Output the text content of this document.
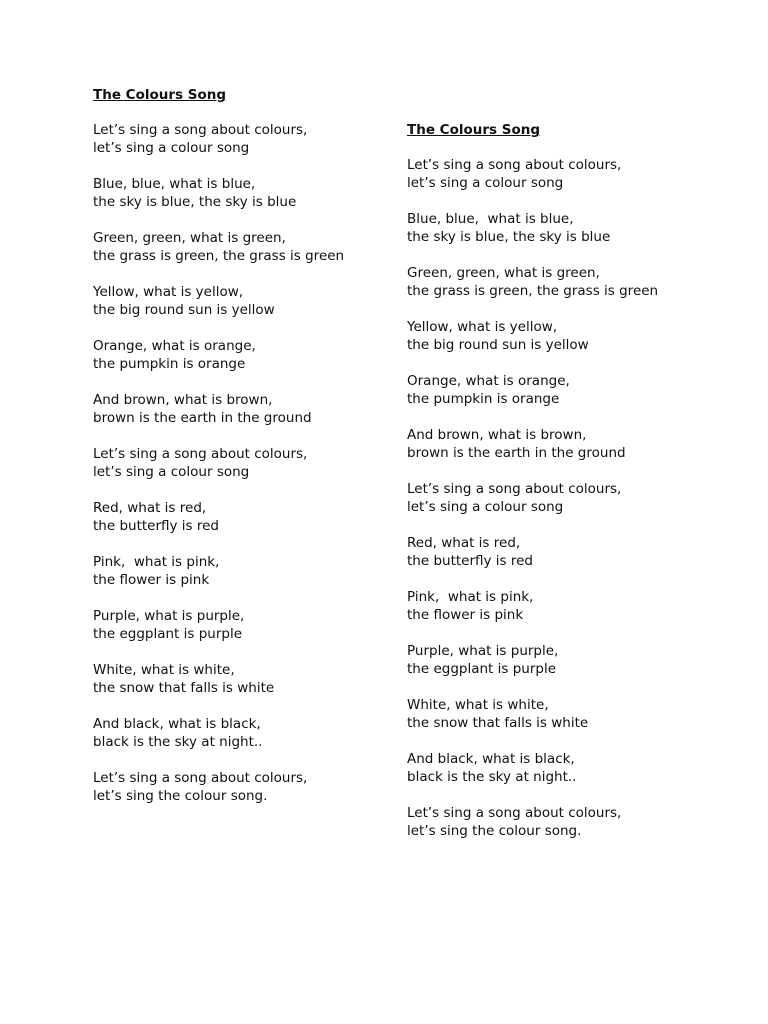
The Colours Song
Let’s sing a song about colours,
let’s sing a colour song
Blue, blue, what is blue,
the sky is blue, the sky is blue
Green, green, what is green,
the grass is green, the grass is green
Yellow, what is yellow,
the big round sun is yellow
Orange, what is orange,
the pumpkin is orange
And brown, what is brown,
brown is the earth in the ground
Let’s sing a song about colours,
let’s sing a colour song
Red, what is red,
the butterfly is red
Pink,  what is pink,
the flower is pink
Purple, what is purple,
the eggplant is purple
White, what is white,
the snow that falls is white
And black, what is black,
black is the sky at night..
Let’s sing a song about colours,
let’s sing the colour song.
The Colours Song
Let’s sing a song about colours,
let’s sing a colour song
Blue, blue,  what is blue,
the sky is blue, the sky is blue
Green, green, what is green,
the grass is green, the grass is green
Yellow, what is yellow,
the big round sun is yellow
Orange, what is orange,
the pumpkin is orange
And brown, what is brown,
brown is the earth in the ground
Let’s sing a song about colours,
let’s sing a colour song
Red, what is red,
the butterfly is red
Pink,  what is pink,
the flower is pink
Purple, what is purple,
the eggplant is purple
White, what is white,
the snow that falls is white
And black, what is black,
black is the sky at night..
Let’s sing a song about colours,
let’s sing the colour song.
